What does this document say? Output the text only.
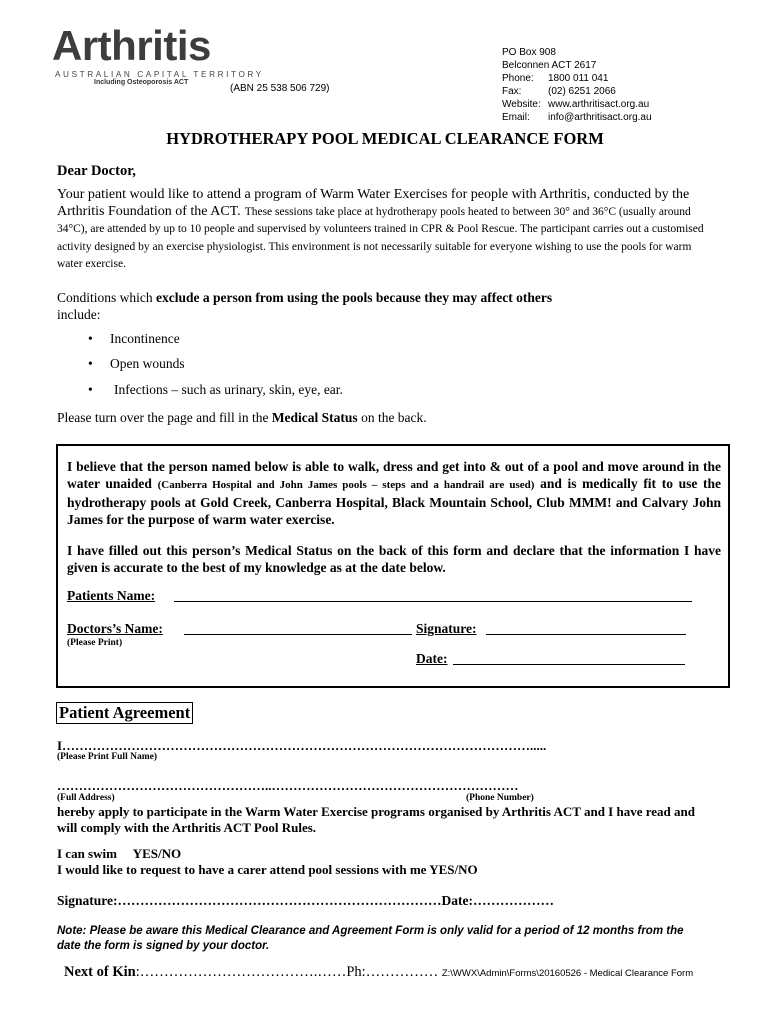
Arthritis
AUSTRALIAN CAPITAL TERRITORY
Including Osteoporosis ACT
(ABN 25 538 506 729)
PO Box 908
Belconnen ACT 2617
Phone: 1800 011 041
Fax:	(02) 6251 2066
Website: www.arthritisact.org.au
Email: info@arthritisact.org.au
HYDROTHERAPY POOL MEDICAL CLEARANCE FORM
Dear Doctor,
Your patient would like to attend a program of Warm Water Exercises for people with Arthritis, conducted by the Arthritis Foundation of the ACT. These sessions take place at hydrotherapy pools heated to between 30° and 36°C (usually around 34°C), are attended by up to 10 people and supervised by volunteers trained in CPR & Pool Rescue. The participant carries out a customised activity designed by an exercise physiologist. This environment is not necessarily suitable for everyone wishing to use the pools for warm water exercise.
Conditions which exclude a person from using the pools because they may affect others
include:
• Incontinence
• Open wounds
• Infections – such as urinary, skin, eye, ear.
Please turn over the page and fill in the Medical Status on the back.
I believe that the person named below is able to walk, dress and get into & out of a pool and move around in the water unaided (Canberra Hospital and John James pools – steps and a handrail are used) and is medically fit to use the hydrotherapy pools at Gold Creek, Canberra Hospital, Black Mountain School, Club MMM! and Calvary John James for the purpose of warm water exercise.
I have filled out this person’s Medical Status on the back of this form and declare that the information I have given is accurate to the best of my knowledge as at the date below.
Patients Name:
Doctors’s Name:
(Please Print)
Signature:
Date:
Patient Agreement
I……………………………………………………………………………………………….....
(Please Print Full Name)
…………………………………………..…………………………………………………
(Full Address)	(Phone Number)
hereby apply to participate in the Warm Water Exercise programs organised by Arthritis ACT and I have read and will comply with the Arthritis ACT Pool Rules.
I can swim     YES/NO
I would like to request to have a carer attend pool sessions with me YES/NO
Signature:………………………………………………………………Date:………………
Note: Please be aware this Medical Clearance and Agreement Form is only valid for a period of 12 months from the date the form is signed by your doctor.
Next of Kin:……………………………….……Ph:…………… Z:\WWX\Admin\Forms\20160526 - Medical Clearance Form
